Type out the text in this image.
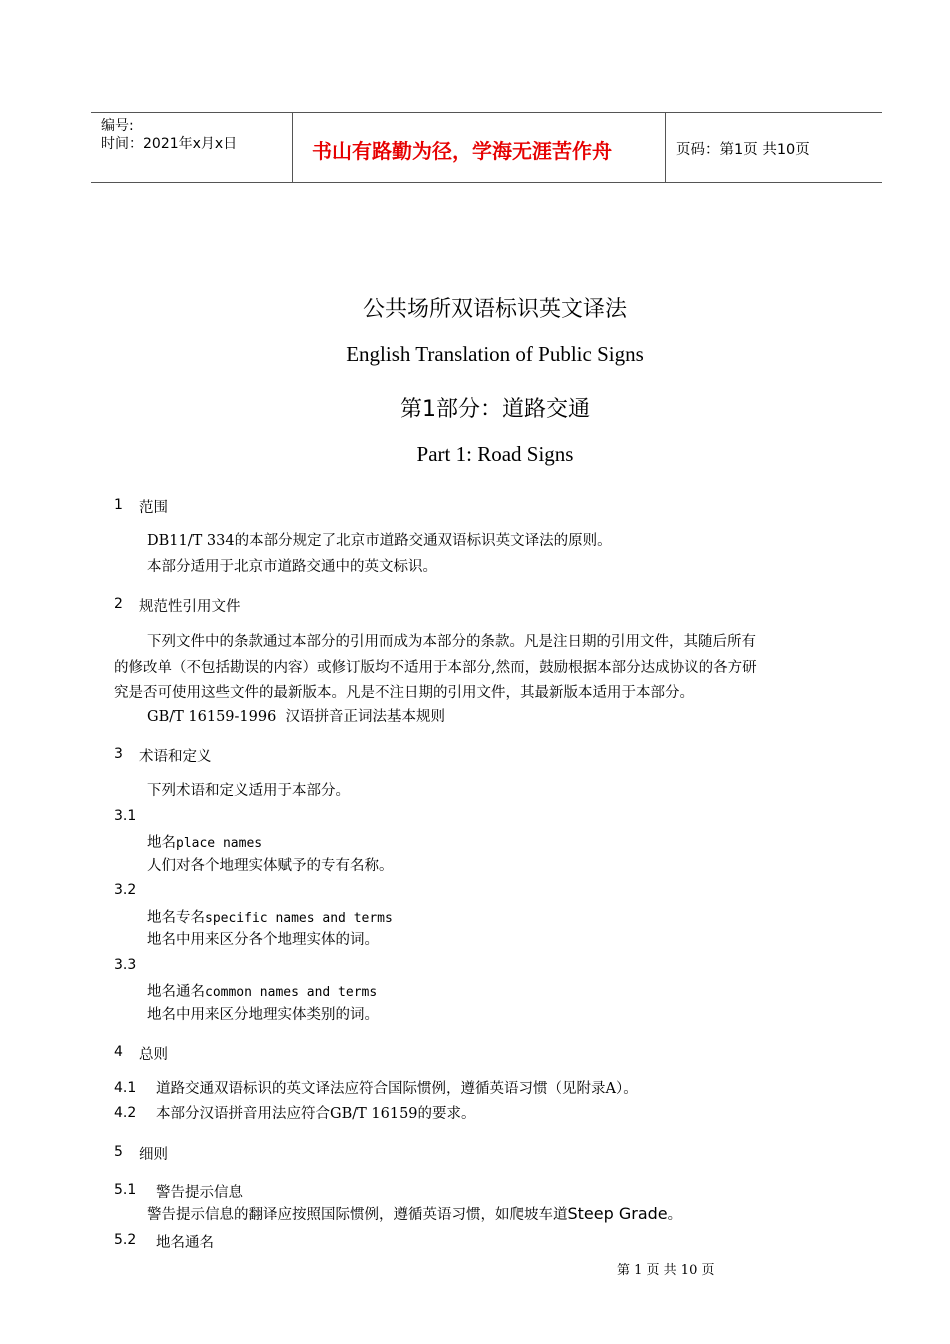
编号:
时间：2021年x月x日	书山有路勤为径，学海无涯苦作舟	页码：第1页 共10页
公共场所双语标识英文译法
English Translation of Public Signs
第1部分：道路交通
Part 1: Road Signs
1 范围
DB11/T 334的本部分规定了北京市道路交通双语标识英文译法的原则。
本部分适用于北京市道路交通中的英文标识。
2 规范性引用文件
下列文件中的条款通过本部分的引用而成为本部分的条款。凡是注日期的引用文件，其随后所有
的修改单（不包括勘误的内容）或修订版均不适用于本部分,然而，鼓励根据本部分达成协议的各方研
究是否可使用这些文件的最新版本。凡是不注日期的引用文件，其最新版本适用于本部分。
GB/T 16159-1996  汉语拼音正词法基本规则
3 术语和定义
下列术语和定义适用于本部分。
3.1
地名place names
人们对各个地理实体赋予的专有名称。
3.2
地名专名specific names and terms
地名中用来区分各个地理实体的词。
3.3
地名通名common names and terms
地名中用来区分地理实体类别的词。
4 总则
4.1 道路交通双语标识的英文译法应符合国际惯例，遵循英语习惯（见附录A）。
4.2 本部分汉语拼音用法应符合GB/T 16159的要求。
5 细则
5.1 警告提示信息
警告提示信息的翻译应按照国际惯例，遵循英语习惯，如爬坡车道Steep Grade。
5.2 地名通名
第 1 页 共 10 页
